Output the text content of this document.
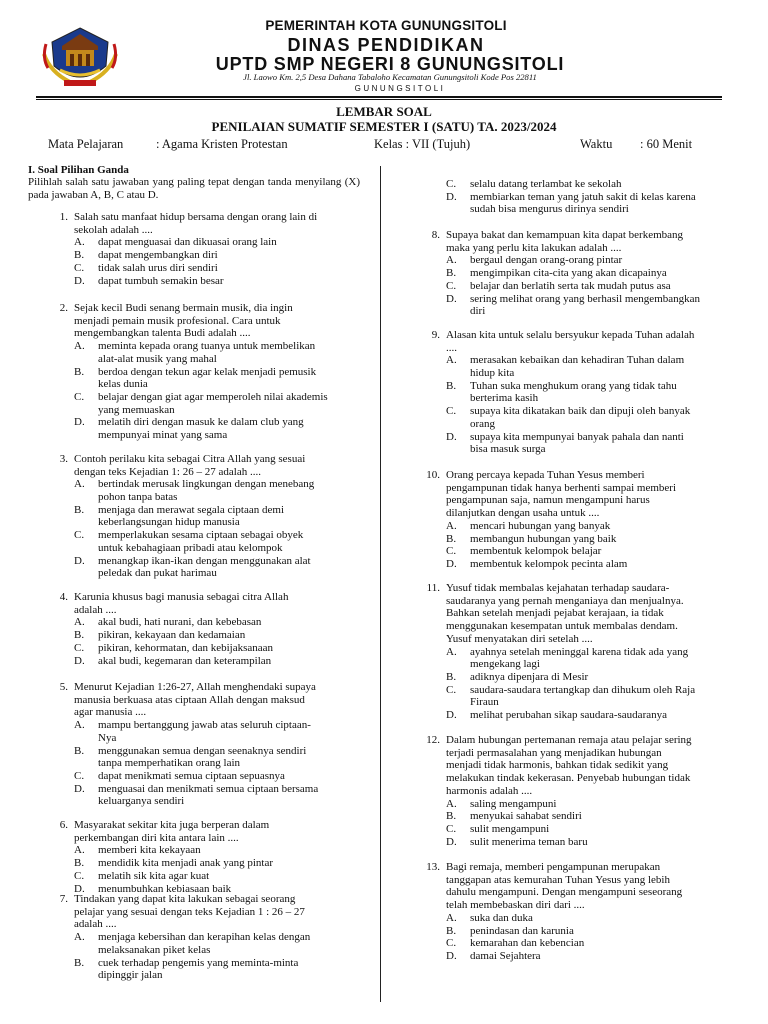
PEMERINTAH KOTA GUNUNGSITOLI
DINAS PENDIDIKAN
UPTD SMP NEGERI 8 GUNUNGSITOLI
Jl. Laowo Km. 2,5 Desa Dahana Tabaloho Kecamatan Gunungsitoli Kode Pos 22811
GUNUNGSITOLI
LEMBAR SOAL
PENILAIAN SUMATIF SEMESTER I (SATU) TA. 2023/2024
Mata Pelajaran	: Agama Kristen Protestan	Kelas : VII (Tujuh)	Waktu : 60 Menit
I. Soal Pilihan Ganda
Pilihlah salah satu jawaban yang paling tepat dengan tanda menyilang (X) pada jawaban A, B, C atau D.
1. Salah satu manfaat hidup bersama dengan orang lain di
sekolah adalah ....
A. dapat menguasai dan dikuasai orang lain
B. dapat mengembangkan diri
C. tidak salah urus diri sendiri
D. dapat tumbuh semakin besar
2. Sejak kecil Budi senang bermain musik, dia ingin
menjadi pemain musik profesional. Cara untuk
mengembangkan talenta Budi adalah ....
A. meminta kepada orang tuanya untuk membelikan
alat-alat musik yang mahal
B. berdoa dengan tekun agar kelak menjadi pemusik
kelas dunia
C. belajar dengan giat agar memperoleh nilai akademis
yang memuaskan
D. melatih diri dengan masuk ke dalam club yang
mempunyai minat yang sama
3. Contoh perilaku kita sebagai Citra Allah yang sesuai
dengan teks Kejadian 1: 26 – 27 adalah ....
A. bertindak merusak lingkungan dengan menebang
pohon tanpa batas
B. menjaga dan merawat segala ciptaan demi
keberlangsungan hidup manusia
C. memperlakukan sesama ciptaan sebagai obyek
untuk kebahagiaan pribadi atau kelompok
D. menangkap ikan-ikan dengan menggunakan alat
peledak dan pukat harimau
4. Karunia khusus bagi manusia sebagai citra Allah
adalah ....
A. akal budi, hati nurani, dan kebebasan
B. pikiran, kekayaan dan kedamaian
C. pikiran, kehormatan, dan kebijaksanaan
D. akal budi, kegemaran dan keterampilan
5. Menurut Kejadian 1:26-27, Allah menghendaki supaya
manusia berkuasa atas ciptaan Allah dengan maksud
agar manusia ....
A. mampu bertanggung jawab atas seluruh ciptaan-
Nya
B. menggunakan semua dengan seenaknya sendiri
tanpa memperhatikan orang lain
C. dapat menikmati semua ciptaan sepuasnya
D. menguasai dan menikmati semua ciptaan bersama
keluarganya sendiri
6. Masyarakat sekitar kita juga berperan dalam
perkembangan diri kita antara lain ....
A. memberi kita kekayaan
B. mendidik kita menjadi anak yang pintar
C. melatih sik kita agar kuat
D. menumbuhkan kebiasaan baik
C. selalu datang terlambat ke sekolah
D. membiarkan teman yang jatuh sakit di kelas karena
sudah bisa mengurus dirinya sendiri
7. Tindakan yang dapat kita lakukan sebagai seorang
pelajar yang sesuai dengan teks Kejadian 1 : 26 – 27
adalah ....
A. menjaga kebersihan dan kerapihan kelas dengan
melaksanakan piket kelas
B. cuek terhadap pengemis yang meminta-minta
dipinggir jalan
8. Supaya bakat dan kemampuan kita dapat berkembang
maka yang perlu kita lakukan adalah ....
A. bergaul dengan orang-orang pintar
B. mengimpikan cita-cita yang akan dicapainya
C. belajar dan berlatih serta tak mudah putus asa
D. sering melihat orang yang berhasil mengembangkan
diri
9. Alasan kita untuk selalu bersyukur kepada Tuhan adalah
....
A. merasakan kebaikan dan kehadiran Tuhan dalam
hidup kita
B. Tuhan suka menghukum orang yang tidak tahu
berterima kasih
C. supaya kita dikatakan baik dan dipuji oleh banyak
orang
D. supaya kita mempunyai banyak pahala dan nanti
bisa masuk surga
10. Orang percaya kepada Tuhan Yesus memberi
pengampunan tidak hanya berhenti sampai memberi
pengampunan saja, namun mengampuni harus
dilanjutkan dengan usaha untuk ....
A. mencari hubungan yang banyak
B. membangun hubungan yang baik
C. membentuk kelompok belajar
D. membentuk kelompok pecinta alam
11. Yusuf tidak membalas kejahatan terhadap saudara-
saudaranya yang pernah menganiaya dan menjualnya.
Bahkan setelah menjadi pejabat kerajaan, ia tidak
menggunakan kesempatan untuk membalas dendam.
Yusuf menyatakan diri setelah ....
A. ayahnya setelah meninggal karena tidak ada yang
mengekang lagi
B. adiknya dipenjara di Mesir
C. saudara-saudara tertangkap dan dihukum oleh Raja
Firaun
D. melihat perubahan sikap saudara-saudaranya
12. Dalam hubungan pertemanan remaja atau pelajar sering
terjadi permasalahan yang menjadikan hubungan
menjadi tidak harmonis, bahkan tidak sedikit yang
melakukan tindak kekerasan. Penyebab hubungan tidak
harmonis adalah ....
A. saling mengampuni
B. menyukai sahabat sendiri
C. sulit mengampuni
D. sulit menerima teman baru
13. Bagi remaja, memberi pengampunan merupakan
tanggapan atas kemurahan Tuhan Yesus yang lebih
dahulu mengampuni. Dengan mengampuni seseorang
telah membebaskan diri dari ....
A. suka dan duka
B. penindasan dan karunia
C. kemarahan dan kebencian
D. damai Sejahtera
